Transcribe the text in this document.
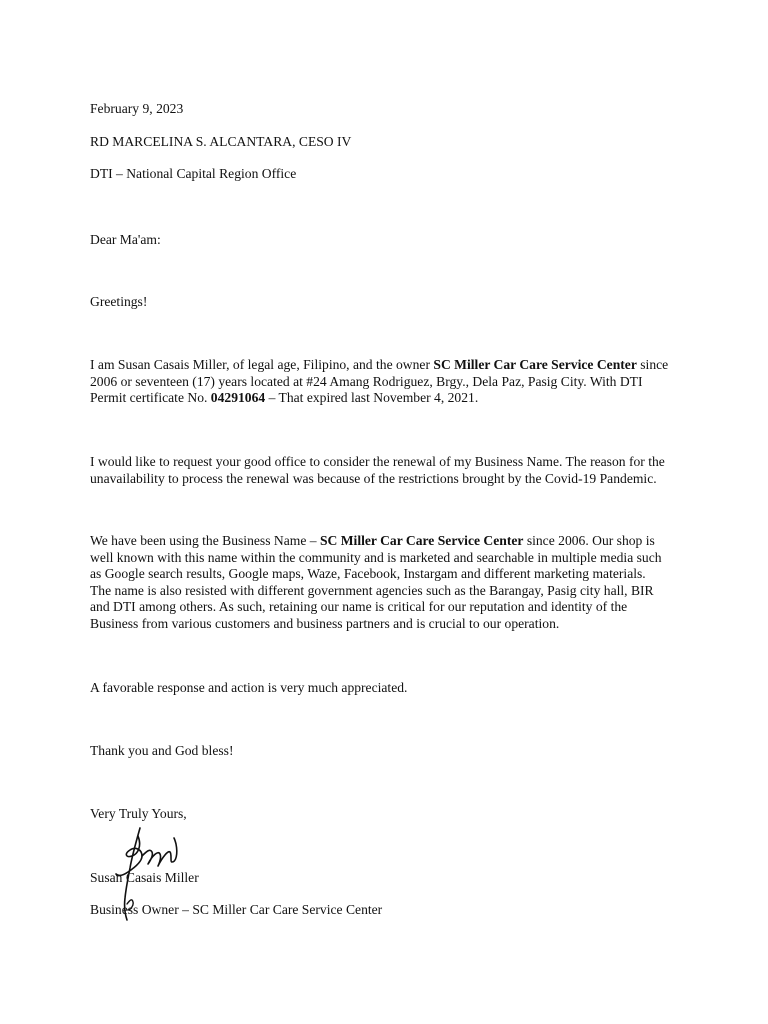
February 9, 2023
RD MARCELINA S. ALCANTARA, CESO IV
DTI – National Capital Region Office
Dear Ma'am:
Greetings!

I am Susan Casais Miller, of legal age, Filipino, and the owner SC Miller Car Care Service Center since

2006 or seventeen (17) years located at #24 Amang Rodriguez, Brgy., Dela Paz, Pasig City. With DTI

Permit certificate No. 04291064 – That expired last November 4, 2021.

I would like to request your good office to consider the renewal of my Business Name. The reason for the

unavailability to process the renewal was because of the restrictions brought by the Covid-19 Pandemic.

We have been using the Business Name – SC Miller Car Care Service Center since 2006. Our shop is

well known with this name within the community and is marketed and searchable in multiple media such

as Google search results, Google maps, Waze, Facebook, Instargam and different marketing materials.

The name is also resisted with different government agencies such as the Barangay, Pasig city hall, BIR

and DTI among others. As such, retaining our name is critical for our reputation and identity of the

Business from various customers and business partners and is crucial to our operation.

A favorable response and action is very much appreciated.
Thank you and God bless!
Very Truly Yours,
Susan Casais Miller
Business Owner – SC Miller Car Care Service Center
